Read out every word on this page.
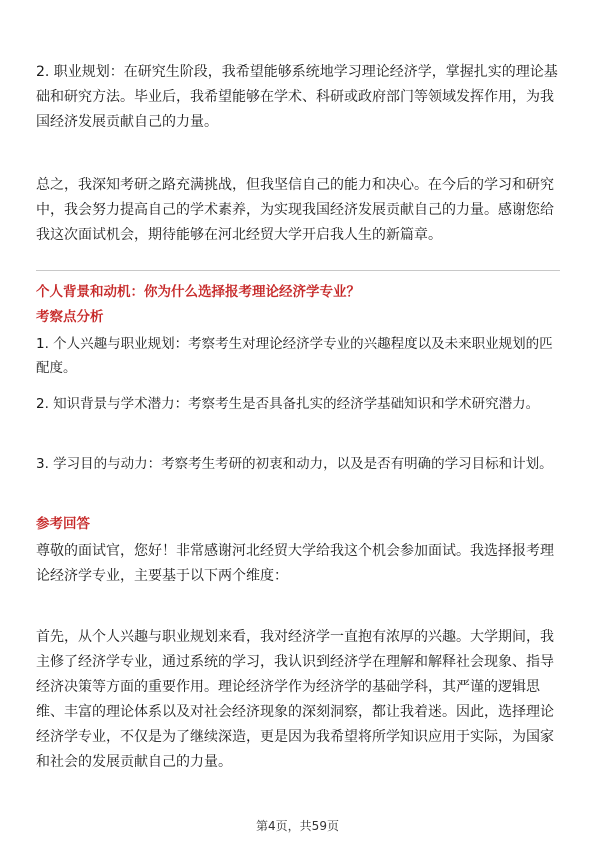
2. 职业规划：在研究生阶段，我希望能够系统地学习理论经济学，掌握扎实的理论基础和研究方法。毕业后，我希望能够在学术、科研或政府部门等领域发挥作用，为我国经济发展贡献自己的力量。

总之，我深知考研之路充满挑战，但我坚信自己的能力和决心。在今后的学习和研究中，我会努力提高自己的学术素养，为实现我国经济发展贡献自己的力量。感谢您给我这次面试机会，期待能够在河北经贸大学开启我人生的新篇章。

个人背景和动机：你为什么选择报考理论经济学专业？

考察点分析

1. 个人兴趣与职业规划：考察考生对理论经济学专业的兴趣程度以及未来职业规划的匹配度。

2. 知识背景与学术潜力：考察考生是否具备扎实的经济学基础知识和学术研究潜力。

3. 学习目的与动力：考察考生考研的初衷和动力，以及是否有明确的学习目标和计划。

参考回答

尊敬的面试官，您好！非常感谢河北经贸大学给我这个机会参加面试。我选择报考理论经济学专业，主要基于以下两个维度：

首先，从个人兴趣与职业规划来看，我对经济学一直抱有浓厚的兴趣。大学期间，我主修了经济学专业，通过系统的学习，我认识到经济学在理解和解释社会现象、指导经济决策等方面的重要作用。理论经济学作为经济学的基础学科，其严谨的逻辑思维、丰富的理论体系以及对社会经济现象的深刻洞察，都让我着迷。因此，选择理论经济学专业，不仅是为了继续深造，更是因为我希望将所学知识应用于实际，为国家和社会的发展贡献自己的力量。

第4页，共59页
